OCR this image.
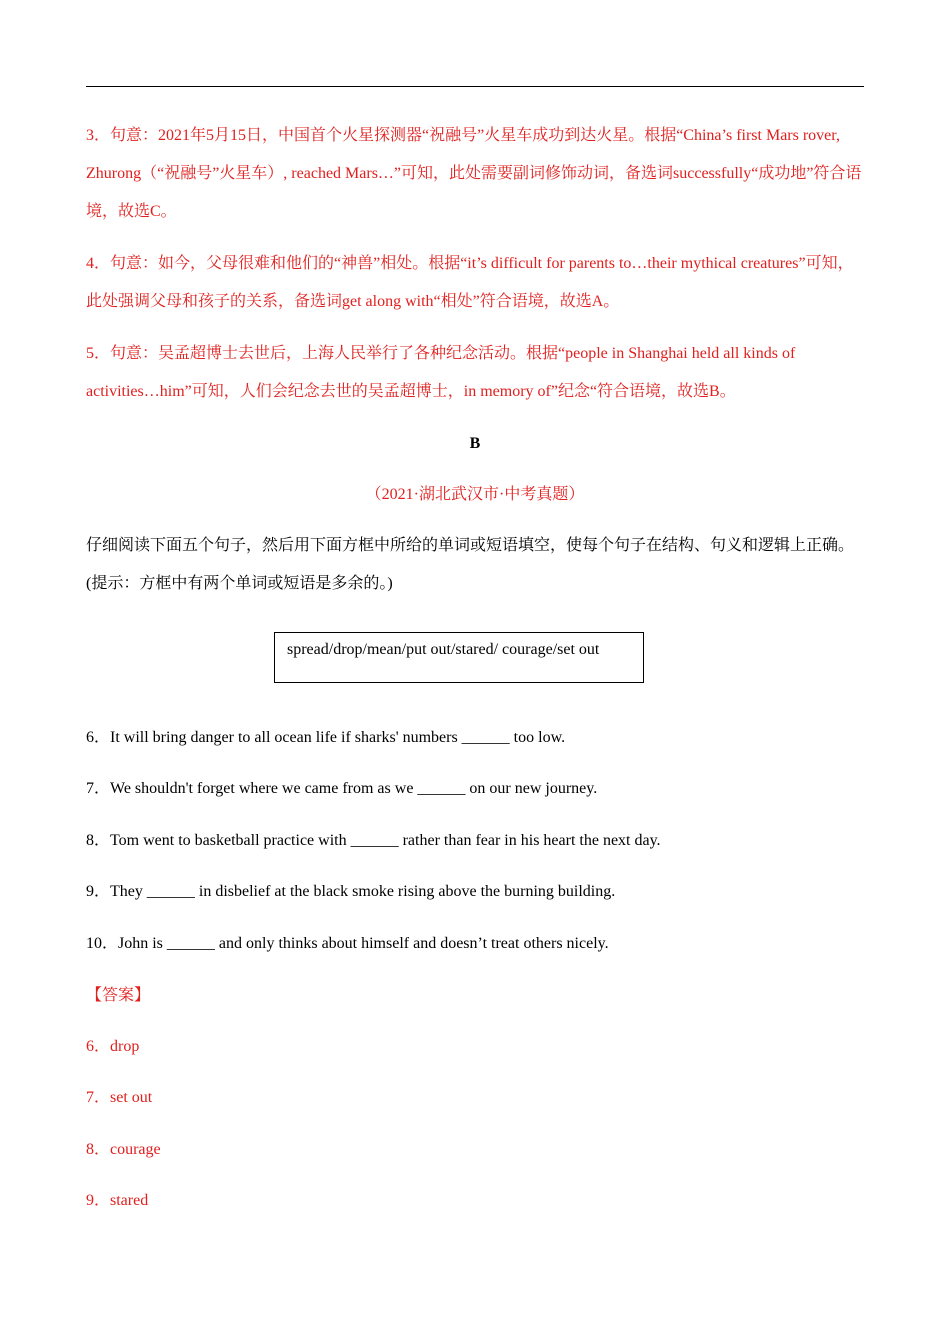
3．句意：2021年5月15日，中国首个火星探测器“祝融号”火星车成功到达火星。根据“China’s first Mars rover, Zhurong（“祝融号”火星车）, reached Mars…”可知，此处需要副词修饰动词，备选词successfully“成功地”符合语境，故选C。

4．句意：如今，父母很难和他们的“神兽”相处。根据“it’s difficult for parents to…their mythical creatures”可知，此处强调父母和孩子的关系，备选词get along with“相处”符合语境，故选A。

5．句意：吴孟超博士去世后，上海人民举行了各种纪念活动。根据“people in Shanghai held all kinds of activities…him”可知，人们会纪念去世的吴孟超博士，in memory of”纪念“符合语境，故选B。

B
（2021·湖北武汉市·中考真题）

仔细阅读下面五个句子，然后用下面方框中所给的单词或短语填空，使每个句子在结构、句义和逻辑上正确。(提示：方框中有两个单词或短语是多余的。)

spread/drop/mean/put out/stared/ courage/set out
6．It will bring danger to all ocean life if sharks' numbers ______ too low.
7．We shouldn't forget where we came from as we ______ on our new journey.
8．Tom went to basketball practice with ______ rather than fear in his heart the next day.
9．They ______ in disbelief at the black smoke rising above the burning building.
10．John is ______ and only thinks about himself and doesn’t treat others nicely.
【答案】
6．drop
7．set out
8．courage
9．stared
